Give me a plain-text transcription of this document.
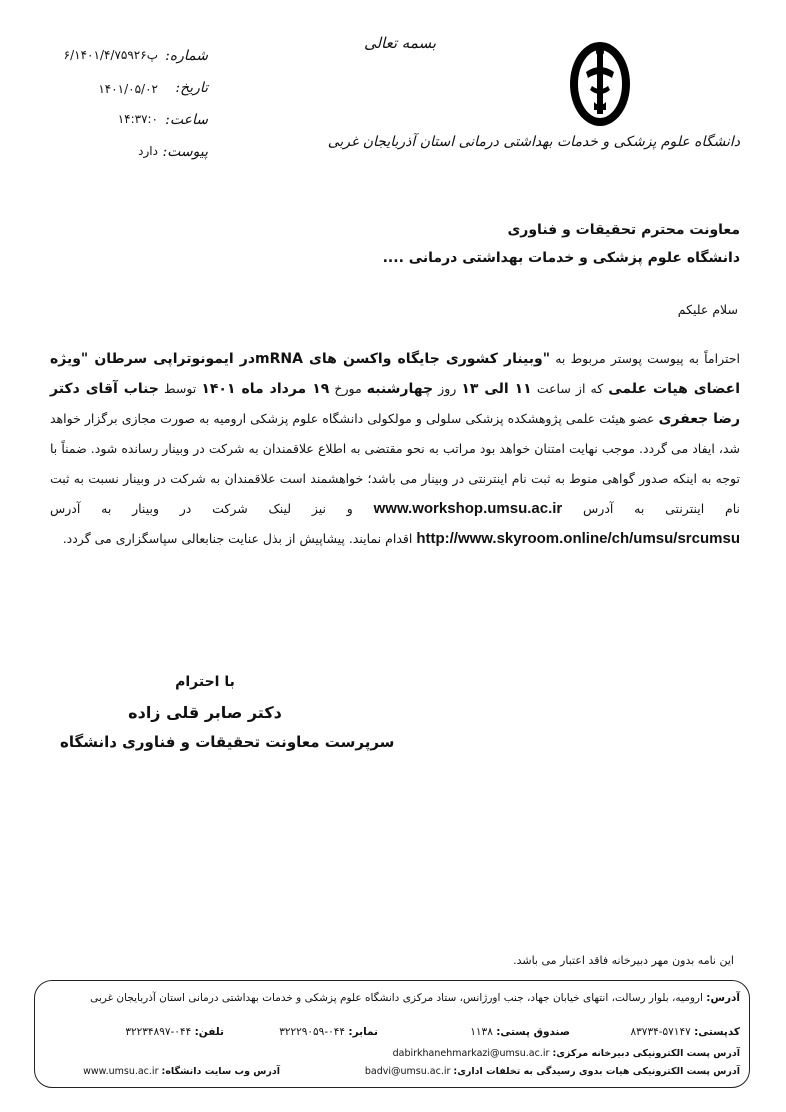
بسمه تعالی
دانشگاه علوم پزشکی و خدمات بهداشتی درمانی استان آذربایجان غربی
شماره:
۶/۱۴۰۱/۴/۷۵۹۲۶پ
تاریخ:
۱۴۰۱/۰۵/۰۲
ساعت:
۱۴:۳۷:۰
پیوست:
دارد
معاونت محترم تحقیقات و فناوری
دانشگاه علوم پزشکی و خدمات بهداشتی درمانی ....
سلام علیکم
احتراماً به پیوست پوستر مربوط به "وبینار کشوری جایگاه واکسن های mRNAدر ایمونوتراپی سرطان "ویژه اعضای هیات علمی که از ساعت ۱۱ الی ۱۳ روز چهارشنبه مورخ ۱۹ مرداد ماه ۱۴۰۱ توسط جناب آقای دکتر رضا جعفری عضو هیئت علمی پژوهشکده پزشکی سلولی و مولکولی دانشگاه علوم پزشکی ارومیه به صورت مجازی برگزار خواهد شد، ایفاد می گردد. موجب نهایت امتنان خواهد بود مراتب به نحو مقتضی به اطلاع علاقمندان به شرکت در وبینار رسانده شود. ضمناً با توجه به اینکه صدور گواهی منوط به ثبت نام اینترنتی در وبینار می باشد؛ خواهشمند است علاقمندان به شرکت در وبینار نسبت به ثبت نام اینترنتی به آدرس www.workshop.umsu.ac.ir و نیز لینک شرکت در وبینار به آدرس http://www.skyroom.online/ch/umsu/srcumsu اقدام نمایند. پیشاپیش از بذل عنایت جنابعالی سپاسگزاری می گردد.
با احترام
دکتر صابر قلی زاده
سرپرست معاونت تحقیقات و فناوری دانشگاه
این نامه بدون مهر دبیرخانه فاقد اعتبار می باشد.
آدرس: ارومیه، بلوار رسالت، انتهای خیابان جهاد، جنب اورژانس، ستاد مرکزی دانشگاه علوم پزشکی و خدمات بهداشتی درمانی استان آذربایجان غربی
کدپستی: ۵۷۱۴۷-۸۳۷۳۴
صندوق پستی: ۱۱۳۸
نمابر: ۰۴۴-۳۲۲۲۹۰۵۹
تلفن: ۰۴۴-۳۲۲۳۴۸۹۷
آدرس پست الکترونیکی دبیرخانه مرکزی: dabirkhanehmarkazi@umsu.ac.ir
آدرس پست الکترونیکی هیات بدوی رسیدگی به تخلفات اداری: badvi@umsu.ac.ir
آدرس وب سایت دانشگاه: www.umsu.ac.ir
